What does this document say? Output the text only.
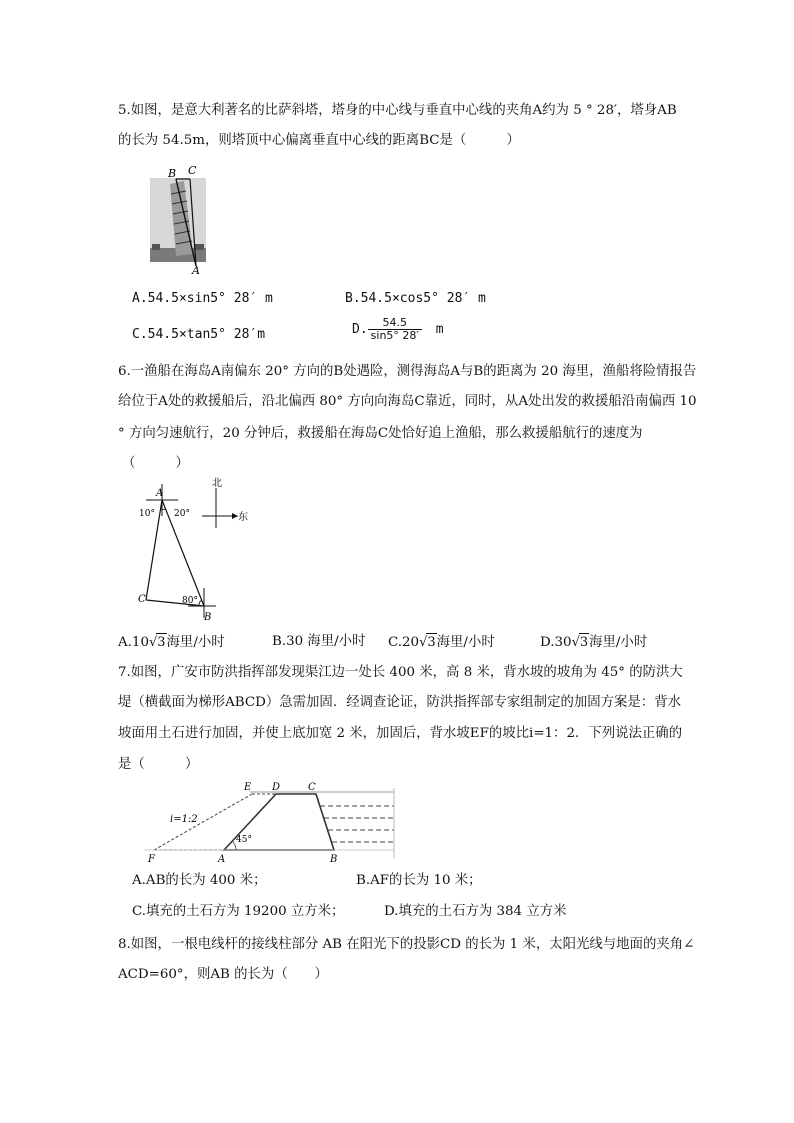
5.如图，是意大利著名的比萨斜塔，塔身的中心线与垂直中心线的夹角A约为 5 ° 28′，塔身AB
的长为 54.5m，则塔顶中心偏离垂直中心线的距离BC是（　　　）
B C
A
A.54.5×sin5° 28′ m	B.54.5×cos5° 28′ m
C.54.5×tan5° 28′m	D. $\frac{54.5}{\sin 5^\circ 28'}$ m
6.一渔船在海岛A南偏东 20° 方向的B处遇险，测得海岛A与B的距离为 20 海里，渔船将险情报告
给位于A处的救援船后，沿北偏西 80° 方向向海岛C靠近，同时，从A处出发的救援船沿南偏西 10
° 方向匀速航行，20 分钟后，救援船在海岛C处恰好追上渔船，那么救援船航行的速度为
（　　　）
A
10° 20°
C	80°
B
北
东
A.10√3海里/小时	B.30 海里/小时 C.20√3海里/小时	D.30√3海里/小时
7.如图，广安市防洪指挥部发现渠江边一处长 400 米，高 8 米，背水坡的坡角为 45° 的防洪大
堤（横截面为梯形ABCD）急需加固．经调查论证，防洪指挥部专家组制定的加固方案是：背水
坡面用土石进行加固，并使上底加宽 2 米，加固后，背水坡EF的坡比i=1：2．下列说法正确的
是（　　　）
E D	C
i=1:2
45°
F	A	B
A.AB的长为 400 米；	B.AF的长为 10 米；
C.填充的土石方为 19200 立方米；	D.填充的土石方为 384 立方米
8.如图，一根电线杆的接线柱部分 AB 在阳光下的投影CD 的长为 1 米，太阳光线与地面的夹角∠
ACD=60°，则AB 的长为（　　）
